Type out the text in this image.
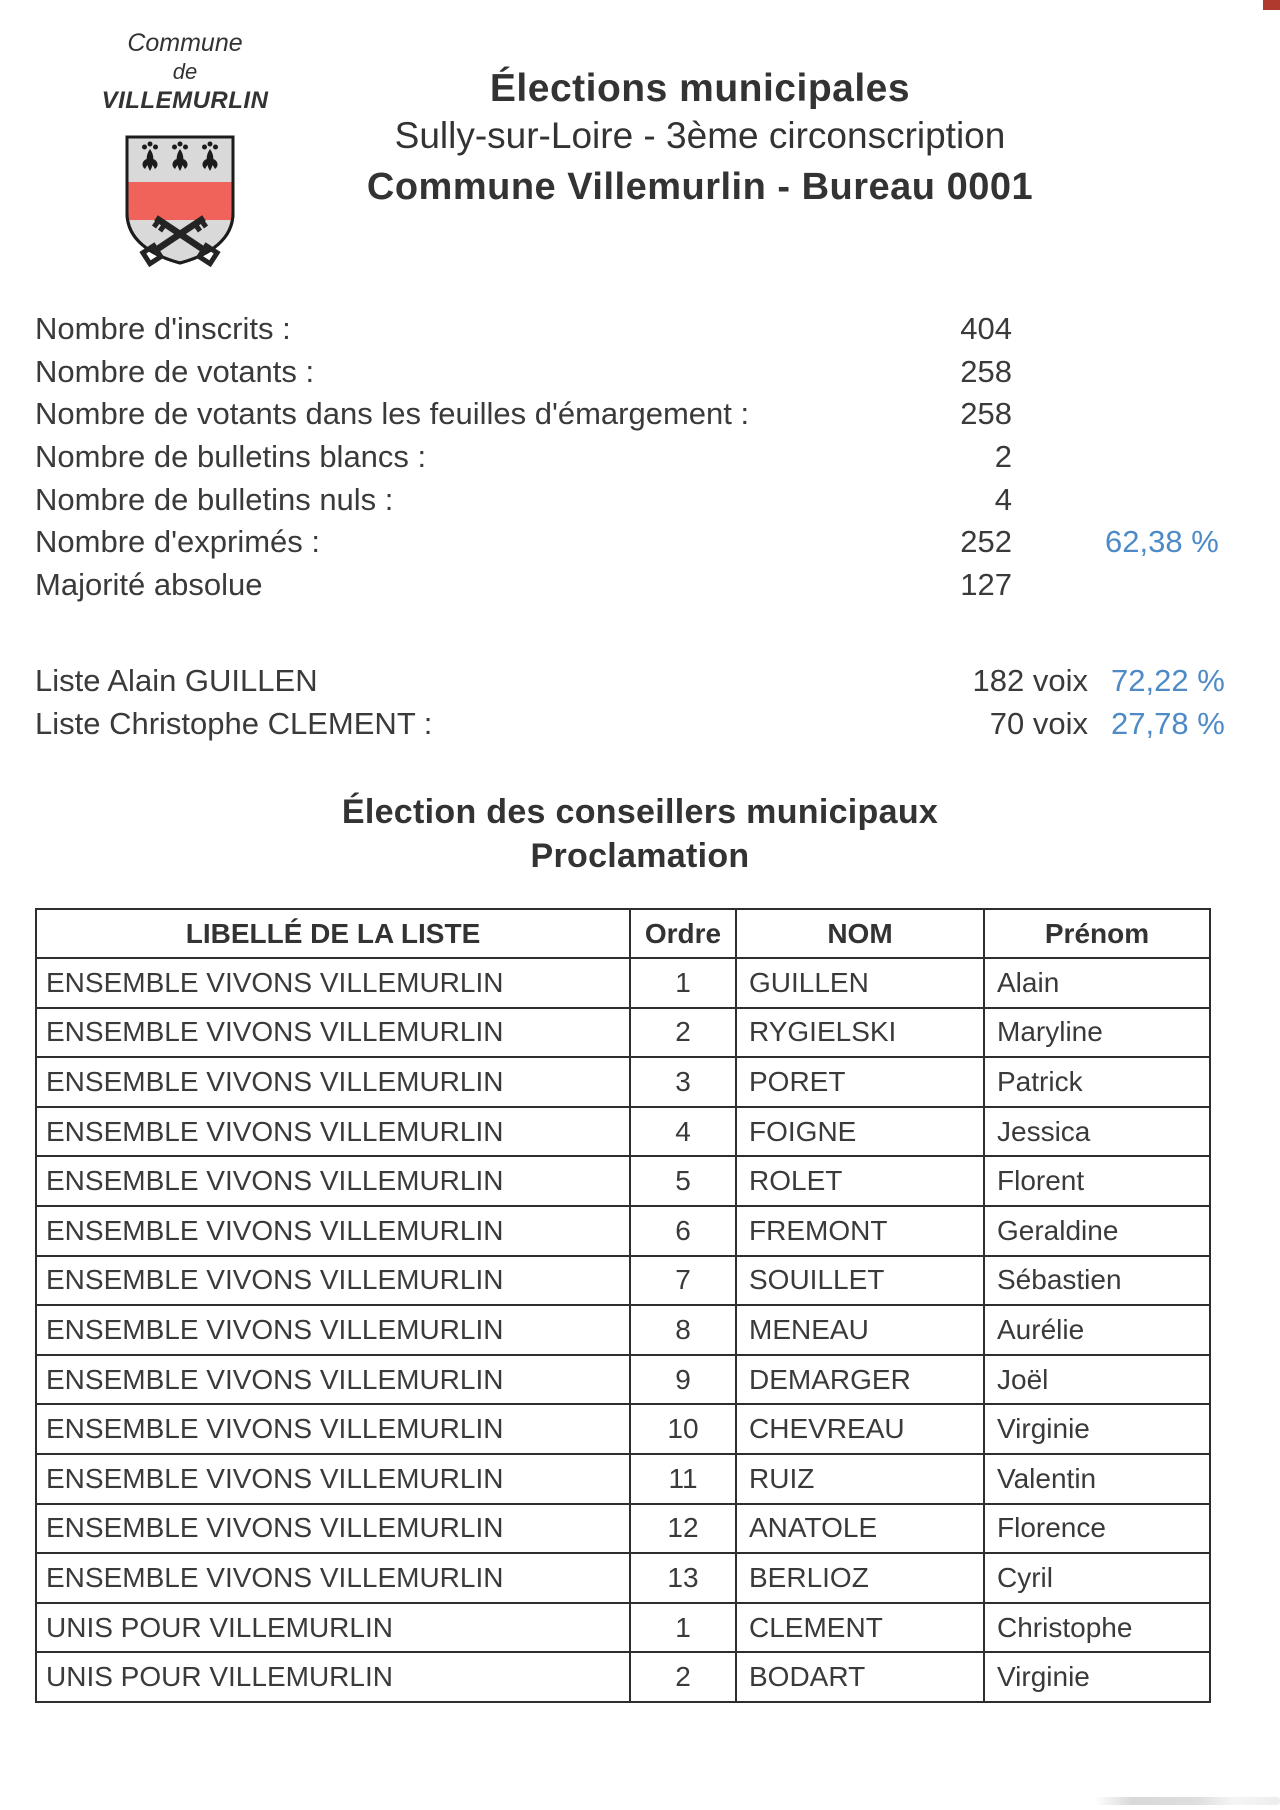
Commune
de
VILLEMURLIN	Élections municipales
Sully-sur-Loire - 3ème circonscription
Commune Villemurlin - Bureau 0001
Nombre d'inscrits :	404
Nombre de votants :	258
Nombre de votants dans les feuilles d'émargement :	258
Nombre de bulletins blancs :	2
Nombre de bulletins nuls :	4
Nombre d'exprimés :	252	62,38 %
Majorité absolue	127
Liste Alain GUILLEN	182 voix 72,22 %
Liste Christophe CLEMENT :	70 voix 27,78 %
Élection des conseillers municipaux
Proclamation
LIBELLÉ DE LA LISTE	Ordre	NOM	Prénom
ENSEMBLE VIVONS VILLEMURLIN	1	GUILLEN	Alain
ENSEMBLE VIVONS VILLEMURLIN	2	RYGIELSKI	Maryline
ENSEMBLE VIVONS VILLEMURLIN	3	PORET	Patrick
ENSEMBLE VIVONS VILLEMURLIN	4	FOIGNE	Jessica
ENSEMBLE VIVONS VILLEMURLIN	5	ROLET	Florent
ENSEMBLE VIVONS VILLEMURLIN	6	FREMONT	Geraldine
ENSEMBLE VIVONS VILLEMURLIN	7	SOUILLET	Sébastien
ENSEMBLE VIVONS VILLEMURLIN	8	MENEAU	Aurélie
ENSEMBLE VIVONS VILLEMURLIN	9	DEMARGER	Joël
ENSEMBLE VIVONS VILLEMURLIN	10	CHEVREAU	Virginie
ENSEMBLE VIVONS VILLEMURLIN	11	RUIZ	Valentin
ENSEMBLE VIVONS VILLEMURLIN	12	ANATOLE	Florence
ENSEMBLE VIVONS VILLEMURLIN	13	BERLIOZ	Cyril
UNIS POUR VILLEMURLIN	1	CLEMENT	Christophe
UNIS POUR VILLEMURLIN	2	BODART	Virginie
